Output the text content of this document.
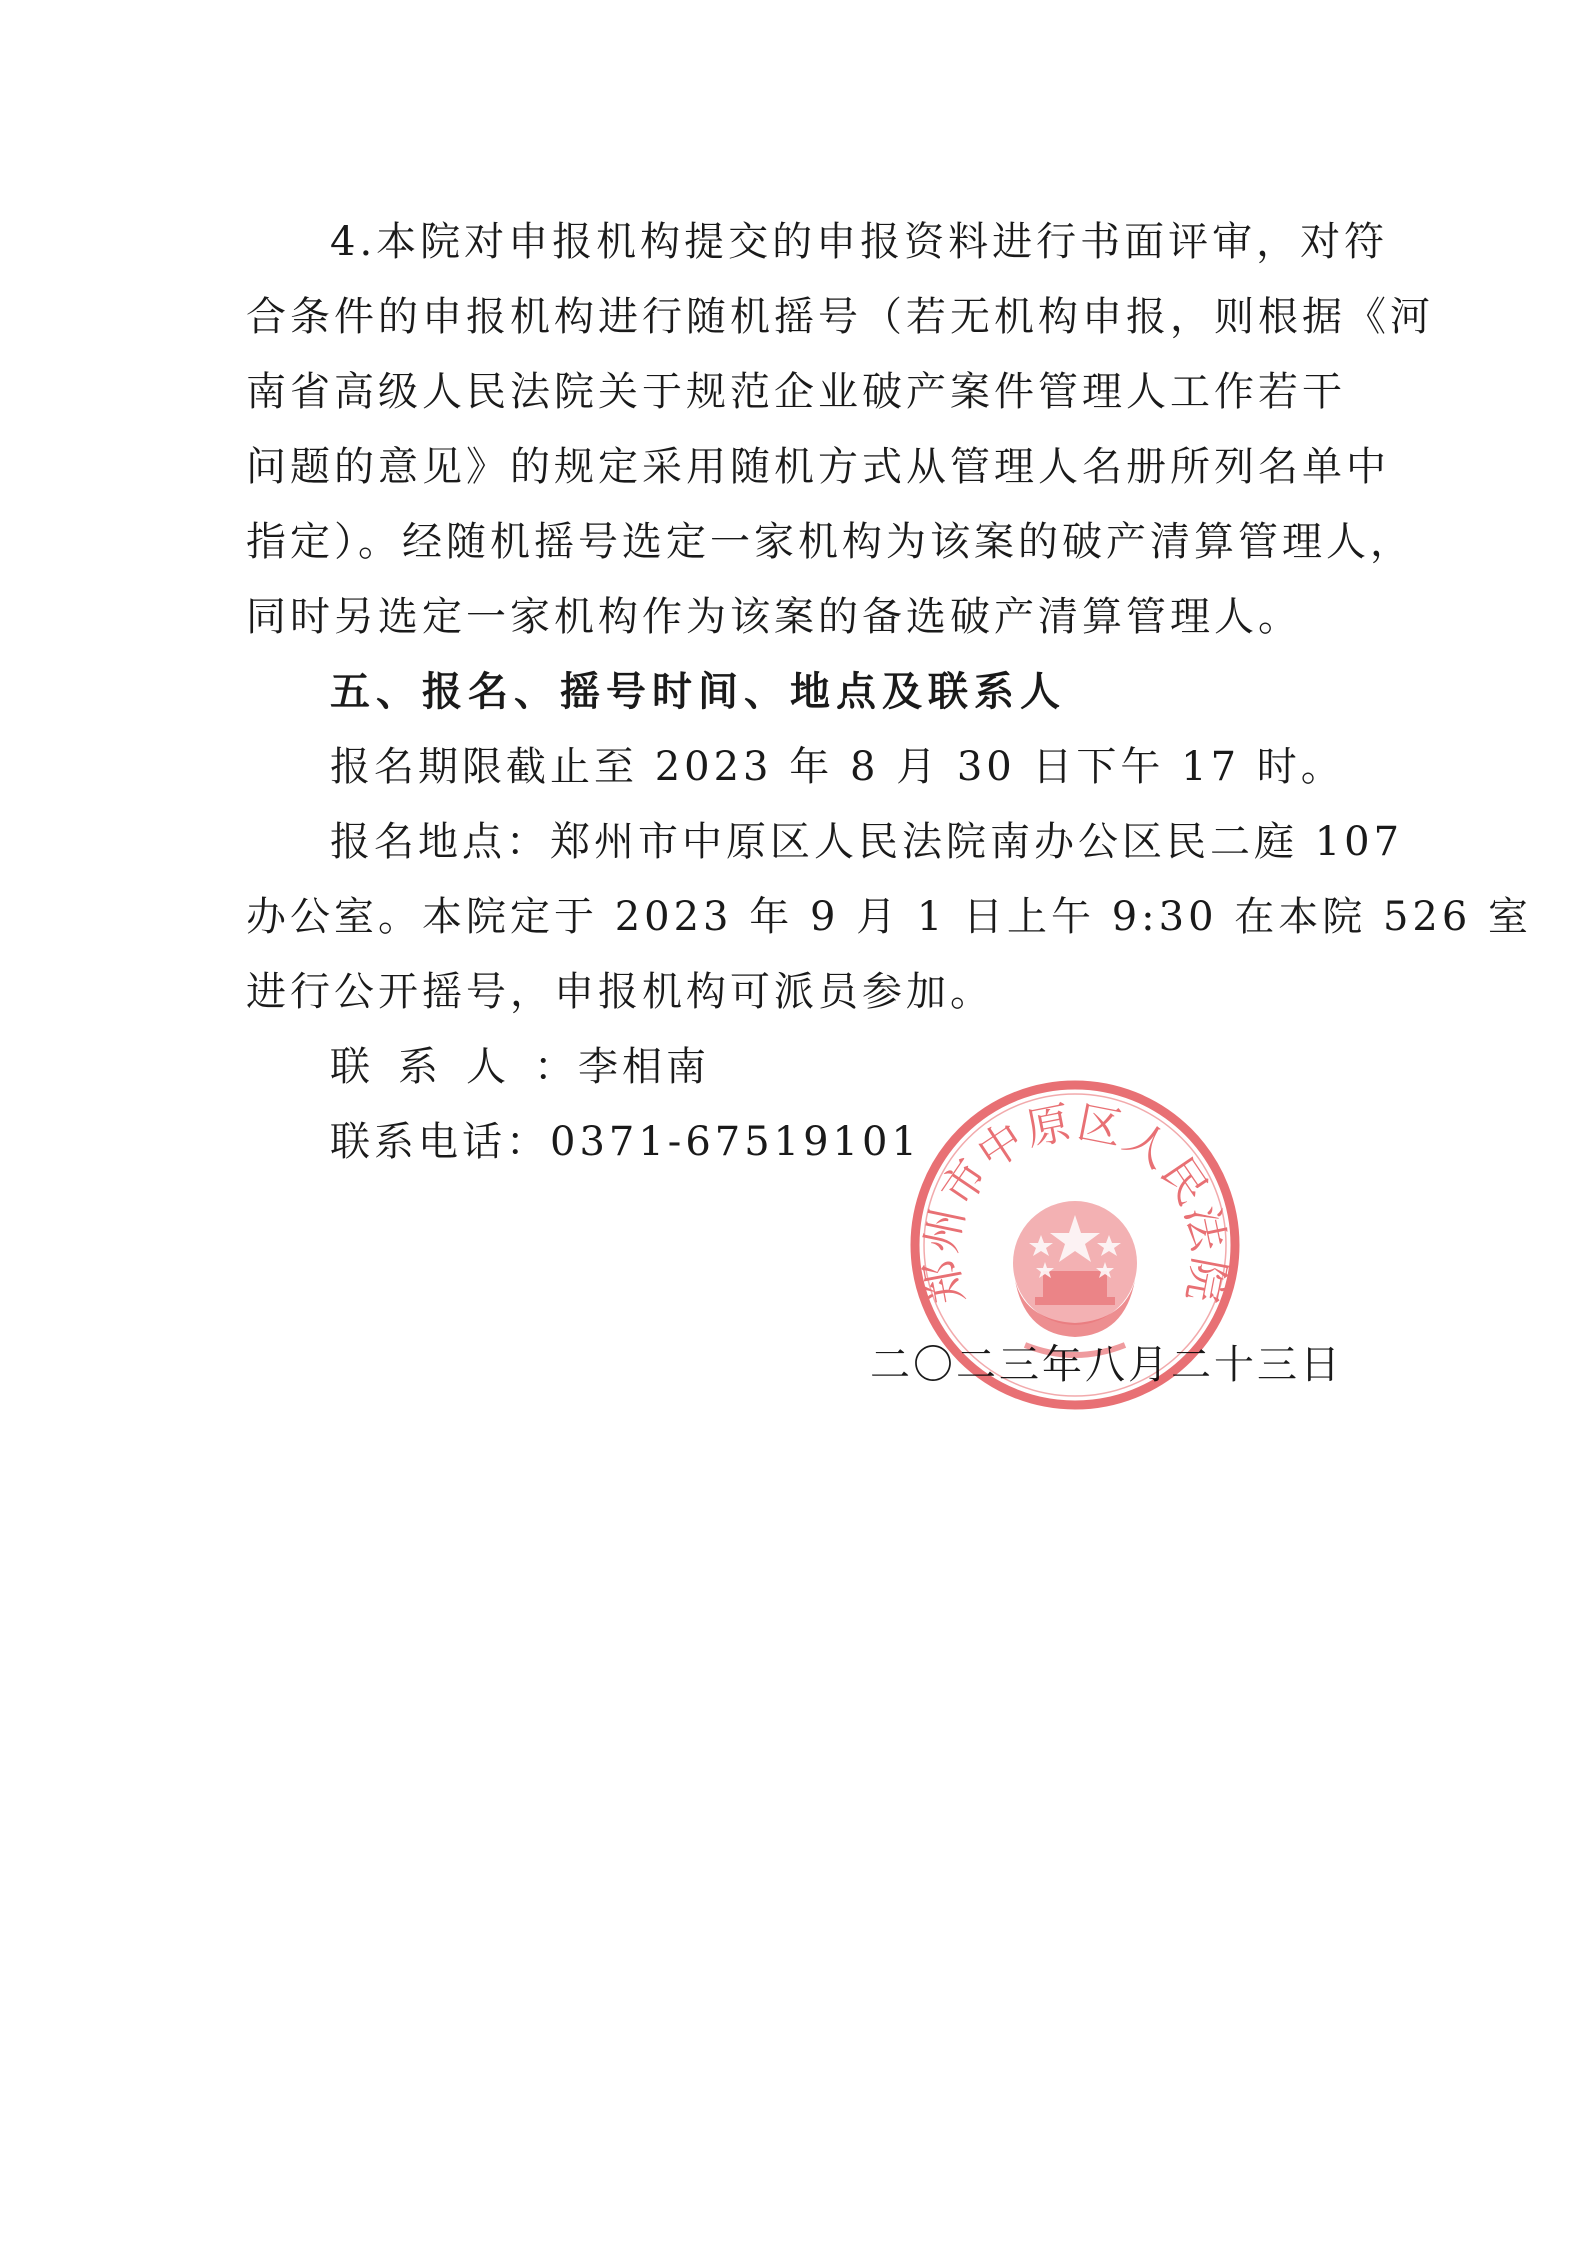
4.本院对申报机构提交的申报资料进行书面评审，对符
合条件的申报机构进行随机摇号（若无机构申报，则根据《河
南省高级人民法院关于规范企业破产案件管理人工作若干
问题的意见》的规定采用随机方式从管理人名册所列名单中
指定）。经随机摇号选定一家机构为该案的破产清算管理人，
同时另选定一家机构作为该案的备选破产清算管理人。
五、报名、摇号时间、地点及联系人
报名期限截止至 2023 年 8 月 30 日下午 17 时。
报名地点：郑州市中原区人民法院南办公区民二庭 107
办公室。本院定于 2023 年 9 月 1 日上午 9:30 在本院 526 室
进行公开摇号，申报机构可派员参加。
联系人：李相南
联系电话：0371-67519101
二〇二三年八月二十三日
郑州市中原区人民法院
